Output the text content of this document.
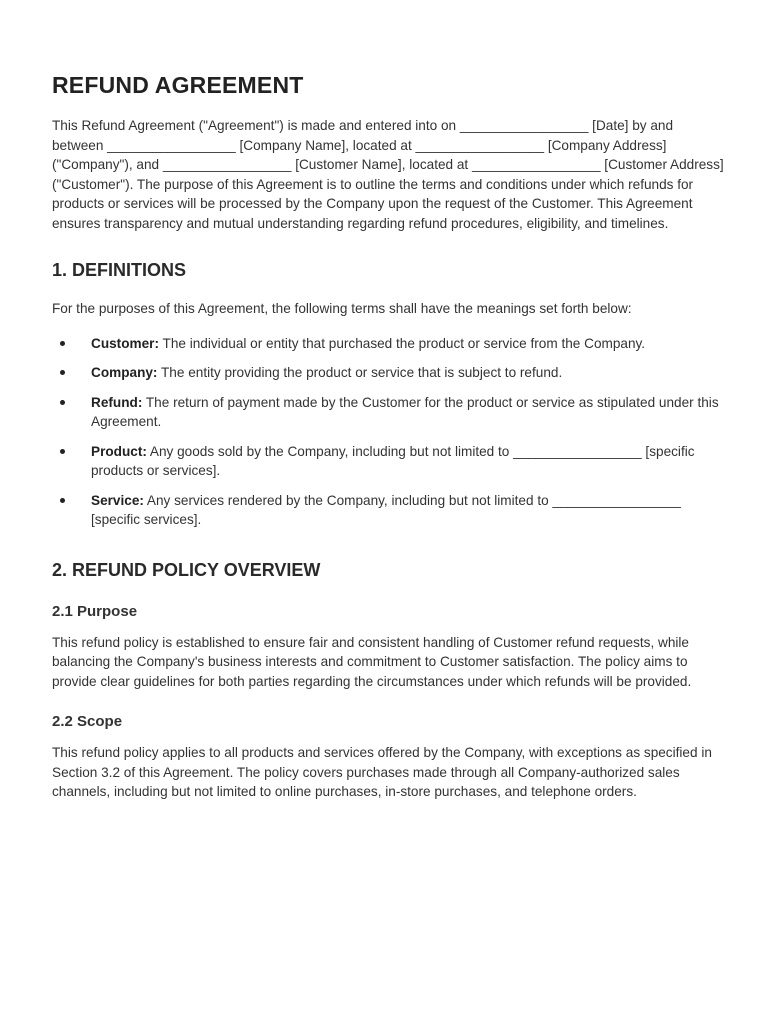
REFUND AGREEMENT

This Refund Agreement ("Agreement") is made and entered into on _________________ [Date] by and between _________________ [Company Name], located at _________________ [Company Address] ("Company"), and _________________ [Customer Name], located at _________________ [Customer Address] ("Customer"). The purpose of this Agreement is to outline the terms and conditions under which refunds for products or services will be processed by the Company upon the request of the Customer. This Agreement ensures transparency and mutual understanding regarding refund procedures, eligibility, and timelines.

1. DEFINITIONS

For the purposes of this Agreement, the following terms shall have the meanings set forth below:

Customer: The individual or entity that purchased the product or service from the Company.
Company: The entity providing the product or service that is subject to refund.
Refund: The return of payment made by the Customer for the product or service as stipulated under this Agreement.
Product: Any goods sold by the Company, including but not limited to _________________ [specific products or services].
Service: Any services rendered by the Company, including but not limited to _________________ [specific services].
2. REFUND POLICY OVERVIEW
2.1 Purpose

This refund policy is established to ensure fair and consistent handling of Customer refund requests, while balancing the Company's business interests and commitment to Customer satisfaction. The policy aims to provide clear guidelines for both parties regarding the circumstances under which refunds will be provided.

2.2 Scope

This refund policy applies to all products and services offered by the Company, with exceptions as specified in Section 3.2 of this Agreement. The policy covers purchases made through all Company-authorized sales channels, including but not limited to online purchases, in-store purchases, and telephone orders.
